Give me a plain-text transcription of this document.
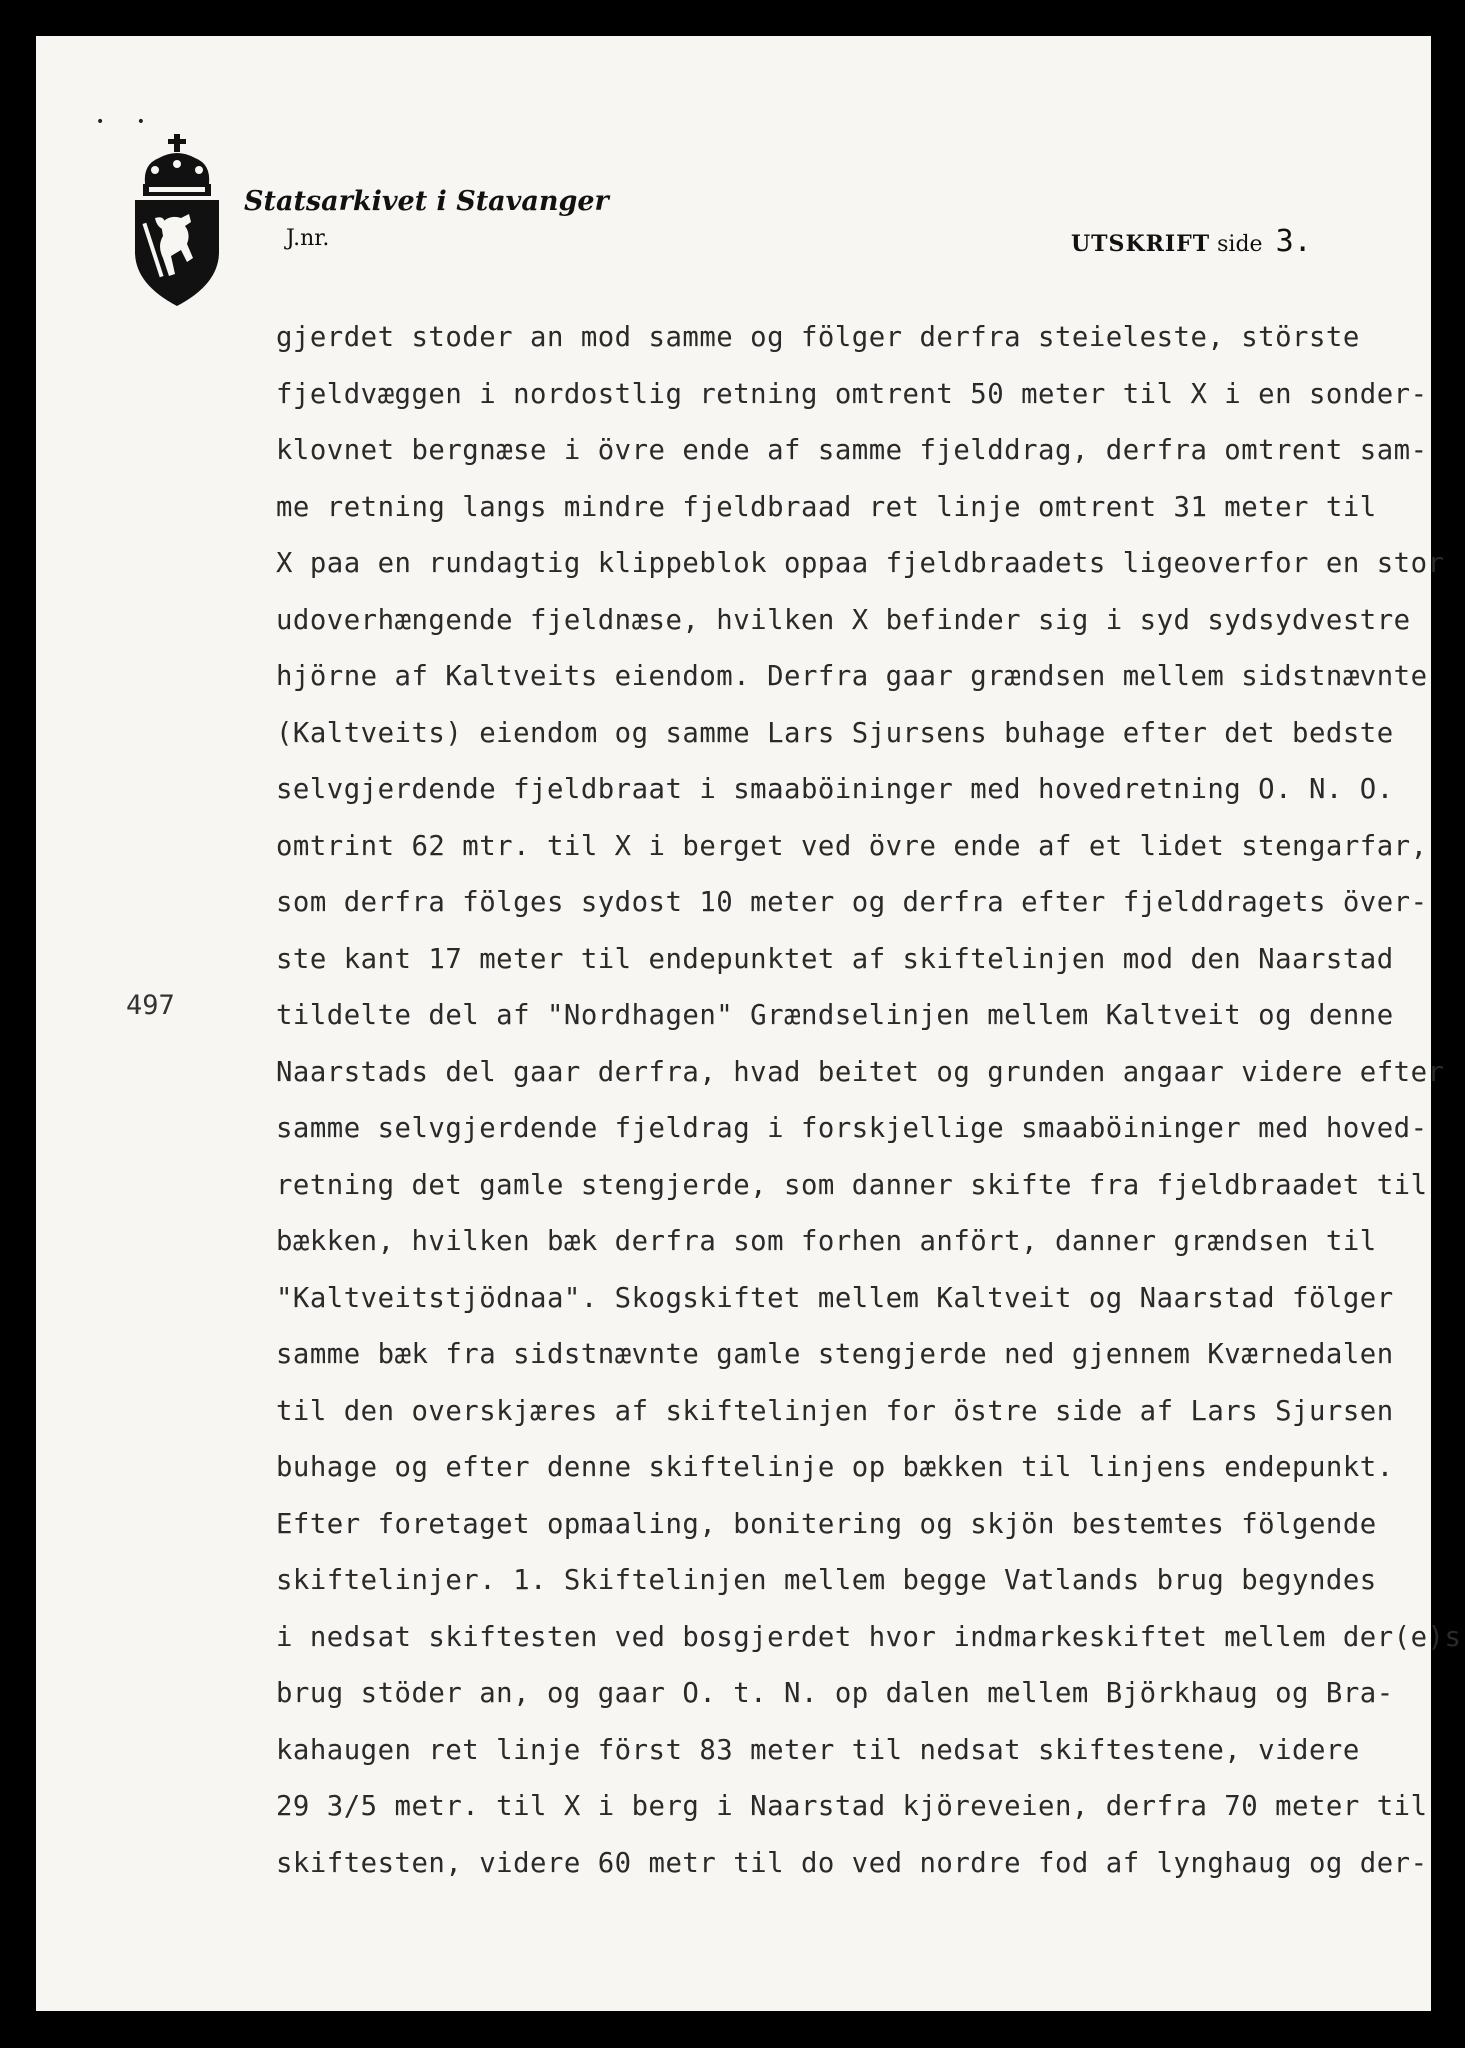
• •
Statsarkivet i Stavanger
J.nr.	UTSKRIFT side 3.
497
gjerdet stoder an mod samme og fölger derfra steieleste, störste
fjeldvæggen i nordostlig retning omtrent 50 meter til X i en sonder-
klovnet bergnæse i övre ende af samme fjelddrag, derfra omtrent sam-
me retning langs mindre fjeldbraad ret linje omtrent 31 meter til
X paa en rundagtig klippeblok oppaa fjeldbraadets ligeoverfor en stor
udoverhængende fjeldnæse, hvilken X befinder sig i syd sydsydvestre
hjörne af Kaltveits eiendom. Derfra gaar grændsen mellem sidstnævnte
(Kaltveits) eiendom og samme Lars Sjursens buhage efter det bedste
selvgjerdende fjeldbraat i smaaböininger med hovedretning O. N. O.
omtrint 62 mtr. til X i berget ved övre ende af et lidet stengarfar,
som derfra fölges sydost 10 meter og derfra efter fjelddragets över-
ste kant 17 meter til endepunktet af skiftelinjen mod den Naarstad
tildelte del af "Nordhagen" Grændselinjen mellem Kaltveit og denne
Naarstads del gaar derfra, hvad beitet og grunden angaar videre efter
samme selvgjerdende fjeldrag i forskjellige smaaböininger med hoved-
retning det gamle stengjerde, som danner skifte fra fjeldbraadet til
bækken, hvilken bæk derfra som forhen anfört, danner grændsen til
"Kaltveitstjödnaa". Skogskiftet mellem Kaltveit og Naarstad fölger
samme bæk fra sidstnævnte gamle stengjerde ned gjennem Kværnedalen
til den overskjæres af skiftelinjen for östre side af Lars Sjursen
buhage og efter denne skiftelinje op bækken til linjens endepunkt.
Efter foretaget opmaaling, bonitering og skjön bestemtes fölgende
skiftelinjer. 1. Skiftelinjen mellem begge Vatlands brug begyndes
i nedsat skiftesten ved bosgjerdet hvor indmarkeskiftet mellem der(e)s
brug stöder an, og gaar O. t. N. op dalen mellem Björkhaug og Bra-
kahaugen ret linje först 83 meter til nedsat skiftestene, videre
29 3/5 metr. til X i berg i Naarstad kjöreveien, derfra 70 meter til
skiftesten, videre 60 metr til do ved nordre fod af lynghaug og der-
